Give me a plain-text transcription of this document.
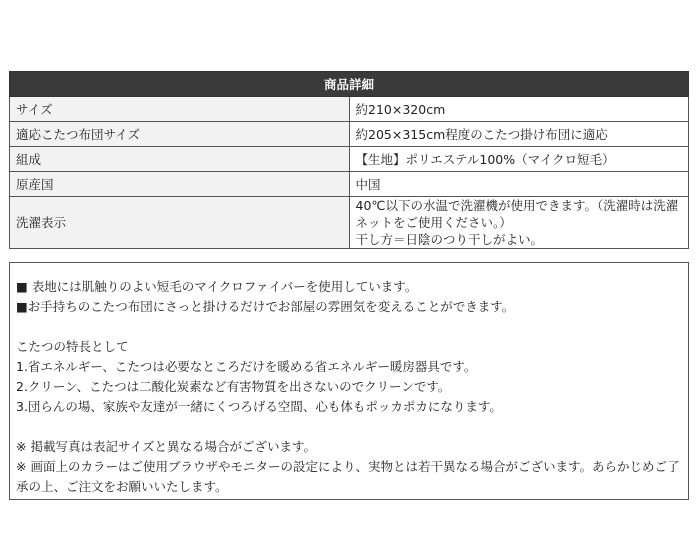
商品詳細	
サイズ	約210×320cm
適応こたつ布団サイズ	約205×315cm程度のこたつ掛け布団に適応
組成	【生地】ポリエステル100%（マイクロ短毛）
原産国	中国
洗濯表示	40℃以下の水温で洗濯機が使用できます。（洗濯時は洗濯ネットをご使用ください。）
干し方＝日陰のつり干しがよい。
■ 表地には肌触りのよい短毛のマイクロファイバーを使用しています。
■お手持ちのこたつ布団にさっと掛けるだけでお部屋の雰囲気を変えることができます。
こたつの特長として
1.省エネルギー、こたつは必要なところだけを暖める省エネルギー暖房器具です。
2.クリーン、こたつは二酸化炭素など有害物質を出さないのでクリーンです。
3.団らんの場、家族や友達が一緒にくつろげる空間、心も体もポッカポカになります。
※ 掲載写真は表記サイズと異なる場合がございます。
※ 画面上のカラーはご使用ブラウザやモニターの設定により、実物とは若干異なる場合がございます。あらかじめご了承の上、ご注文をお願いいたします。
